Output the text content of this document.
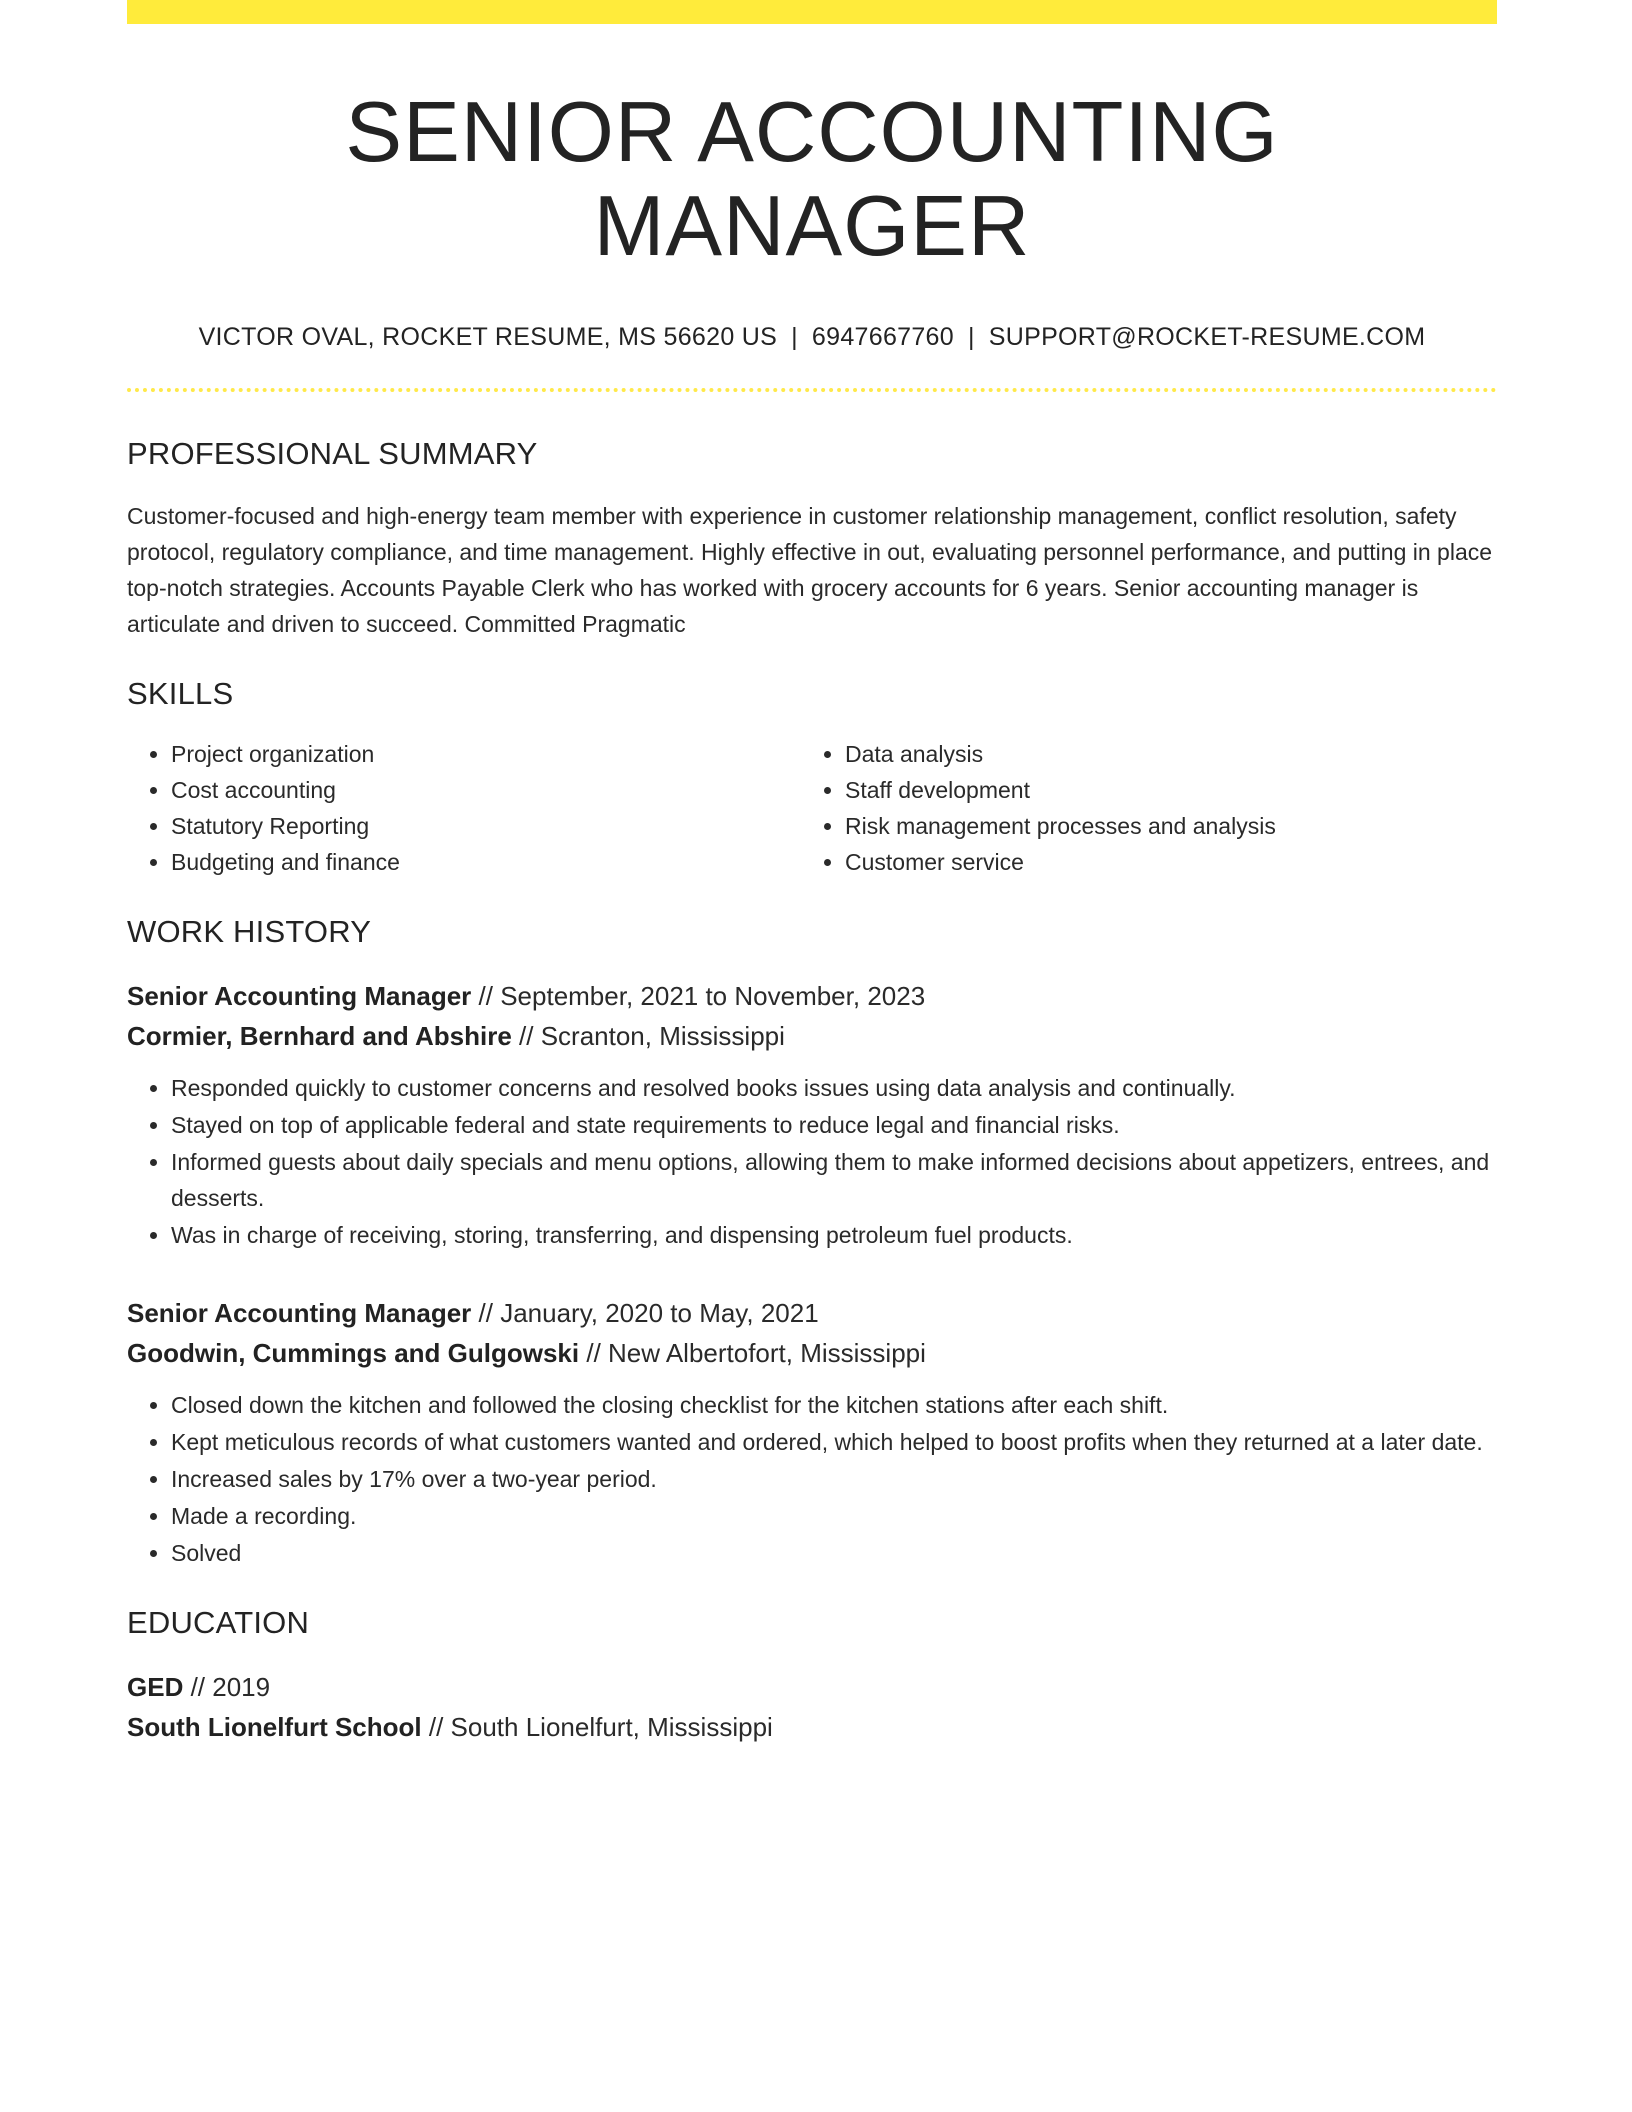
SENIOR ACCOUNTING MANAGER
VICTOR OVAL, ROCKET RESUME, MS 56620 US | 6947667760 | SUPPORT@ROCKET-RESUME.COM
PROFESSIONAL SUMMARY

Customer-focused and high-energy team member with experience in customer relationship management, conflict resolution, safety protocol, regulatory compliance, and time management. Highly effective in out, evaluating personnel performance, and putting in place top-notch strategies. Accounts Payable Clerk who has worked with grocery accounts for 6 years. Senior accounting manager is articulate and driven to succeed. Committed Pragmatic

SKILLS
• Project organization
• Cost accounting
• Statutory Reporting
• Budgeting and finance
• Data analysis
• Staff development
• Risk management processes and analysis
• Customer service
WORK HISTORY
Senior Accounting Manager // September, 2021 to November, 2023
Cormier, Bernhard and Abshire // Scranton, Mississippi
• Responded quickly to customer concerns and resolved books issues using data analysis and continually.
• Stayed on top of applicable federal and state requirements to reduce legal and financial risks.
• Informed guests about daily specials and menu options, allowing them to make informed decisions about appetizers, entrees, and desserts.
• Was in charge of receiving, storing, transferring, and dispensing petroleum fuel products.
Senior Accounting Manager // January, 2020 to May, 2021
Goodwin, Cummings and Gulgowski // New Albertofort, Mississippi
• Closed down the kitchen and followed the closing checklist for the kitchen stations after each shift.
• Kept meticulous records of what customers wanted and ordered, which helped to boost profits when they returned at a later date.
• Increased sales by 17% over a two-year period.
• Made a recording.
• Solved
EDUCATION
GED // 2019
South Lionelfurt School // South Lionelfurt, Mississippi
